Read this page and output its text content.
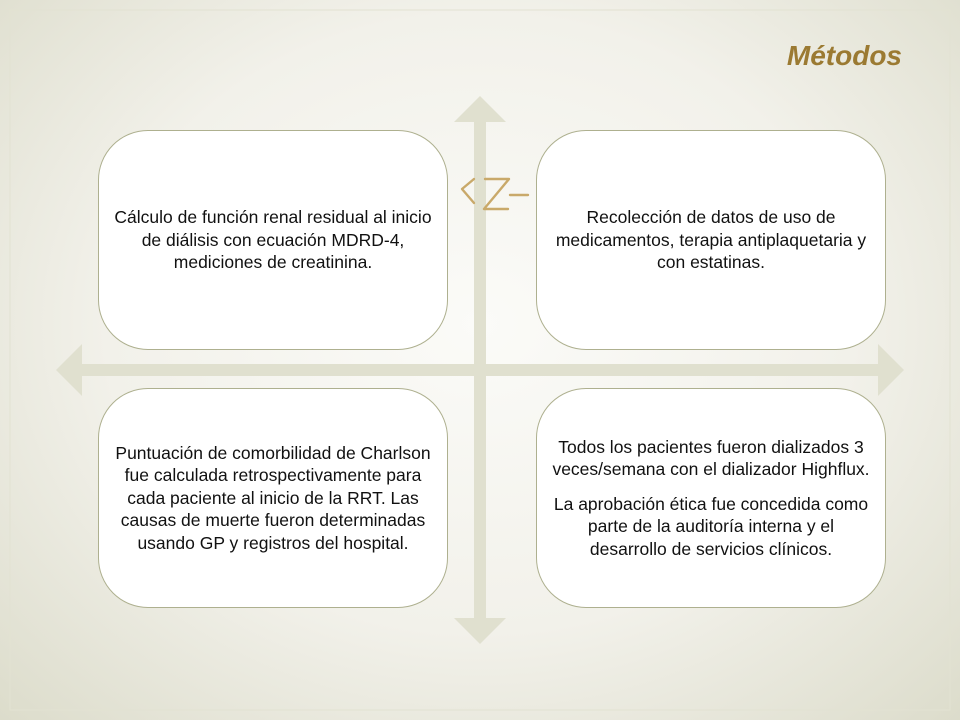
Métodos

Cálculo de función renal residual al inicio de diálisis con ecuación MDRD-4, mediciones de creatinina.

Recolección de datos de uso de medicamentos, terapia antiplaquetaria y con estatinas.

Puntuación de comorbilidad de Charlson fue calculada retrospectivamente para cada paciente al inicio de la RRT. Las causas de muerte fueron determinadas usando GP y registros del hospital.

Todos los pacientes fueron dializados 3 veces/semana con el dializador Highflux.

La aprobación ética fue concedida como parte de la auditoría interna y el desarrollo de servicios clínicos.
